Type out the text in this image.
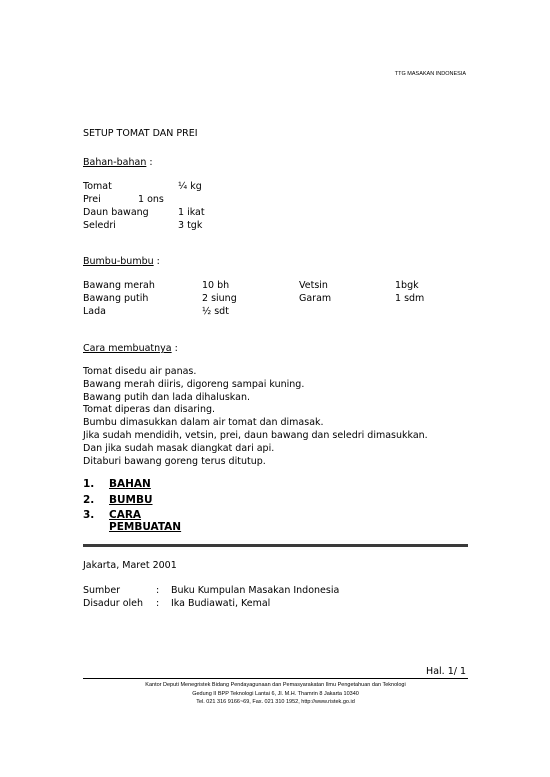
TTG MASAKAN INDONESIA
SETUP TOMAT DAN PREI
Bahan-bahan :
Tomat	¼ kg
Prei	1 ons
Daun bawang	1 ikat
Seledri	3 tgk
Bumbu-bumbu :
Bawang merah	10 bh	Vetsin	1bgk
Bawang putih	2 siung	Garam	1 sdm
Lada	½ sdt
Cara membuatnya :
Tomat disedu air panas.
Bawang merah diiris, digoreng sampai kuning.
Bawang putih dan lada dihaluskan.
Tomat diperas dan disaring.
Bumbu dimasukkan dalam air tomat dan dimasak.
Jika sudah mendidih, vetsin, prei, daun bawang dan seledri dimasukkan.
Dan jika sudah masak diangkat dari api.
Ditaburi bawang goreng terus ditutup.
1. BAHAN
2. BUMBU
3. CARA PEMBUATAN
Jakarta, Maret 2001
Sumber	: Buku Kumpulan Masakan Indonesia
Disadur oleh : Ika Budiawati, Kemal
Hal. 1/ 1
Kantor Deputi Menegristek Bidang Pendayagunaan dan Pemasyarakatan Ilmu Pengetahuan dan Teknologi
Gedung II BPP Teknologi Lantai 6, Jl. M.H. Thamrin 8 Jakarta 10340
Tel. 021 316 9166~69, Fax. 021 310 1952, http://www.ristek.go.id
